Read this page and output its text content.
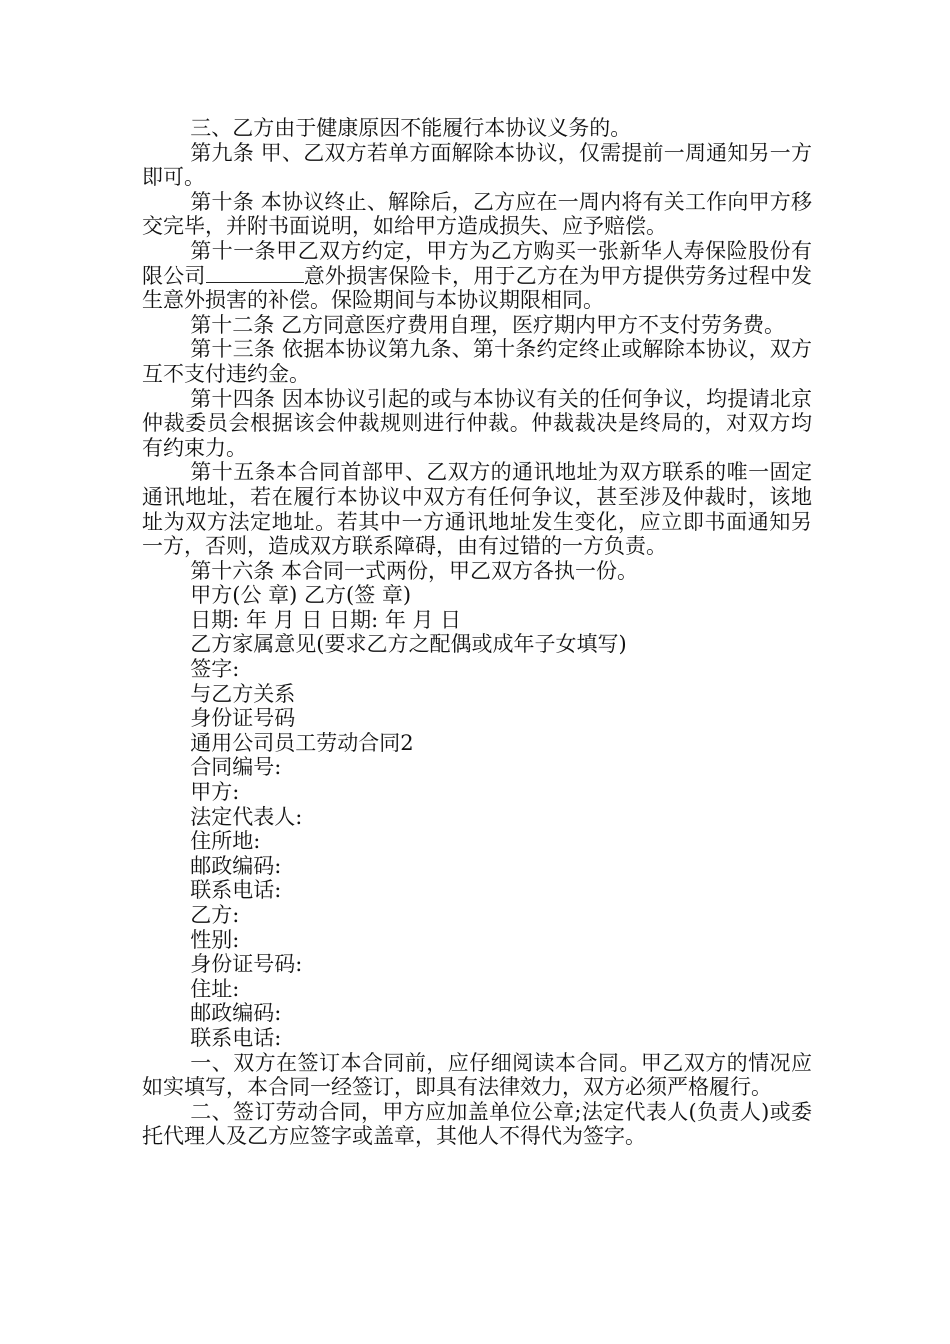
三、乙方由于健康原因不能履行本协议义务的。

第九条 甲、乙双方若单方面解除本协议，仅需提前一周通知另一方即可。

第十条 本协议终止、解除后，乙方应在一周内将有关工作向甲方移交完毕，并附书面说明，如给甲方造成损失、应予赔偿。

第十一条甲乙双方约定，甲方为乙方购买一张新华人寿保险股份有限公司	意外损害保险卡，用于乙方在为甲方提供劳务过程中发生意外损害的补偿。保险期间与本协议期限相同。

第十二条 乙方同意医疗费用自理，医疗期内甲方不支付劳务费。

第十三条 依据本协议第九条、第十条约定终止或解除本协议，双方互不支付违约金。

第十四条 因本协议引起的或与本协议有关的任何争议，均提请北京仲裁委员会根据该会仲裁规则进行仲裁。仲裁裁决是终局的，对双方均有约束力。

第十五条本合同首部甲、乙双方的通讯地址为双方联系的唯一固定通讯地址，若在履行本协议中双方有任何争议，甚至涉及仲裁时，该地址为双方法定地址。若其中一方通讯地址发生变化，应立即书面通知另一方，否则，造成双方联系障碍，由有过错的一方负责。

第十六条 本合同一式两份，甲乙双方各执一份。

甲方(公 章) 乙方(签 章)

日期: 年 月 日 日期: 年 月 日

乙方家属意见(要求乙方之配偶或成年子女填写)

签字:

与乙方关系

身份证号码

通用公司员工劳动合同2

合同编号:

甲方:

法定代表人:

住所地:

邮政编码:

联系电话:

乙方:

性别:

身份证号码:

住址:

邮政编码:

联系电话:

一、双方在签订本合同前，应仔细阅读本合同。甲乙双方的情况应如实填写，本合同一经签订，即具有法律效力，双方必须严格履行。

二、签订劳动合同，甲方应加盖单位公章;法定代表人(负责人)或委托代理人及乙方应签字或盖章，其他人不得代为签字。
